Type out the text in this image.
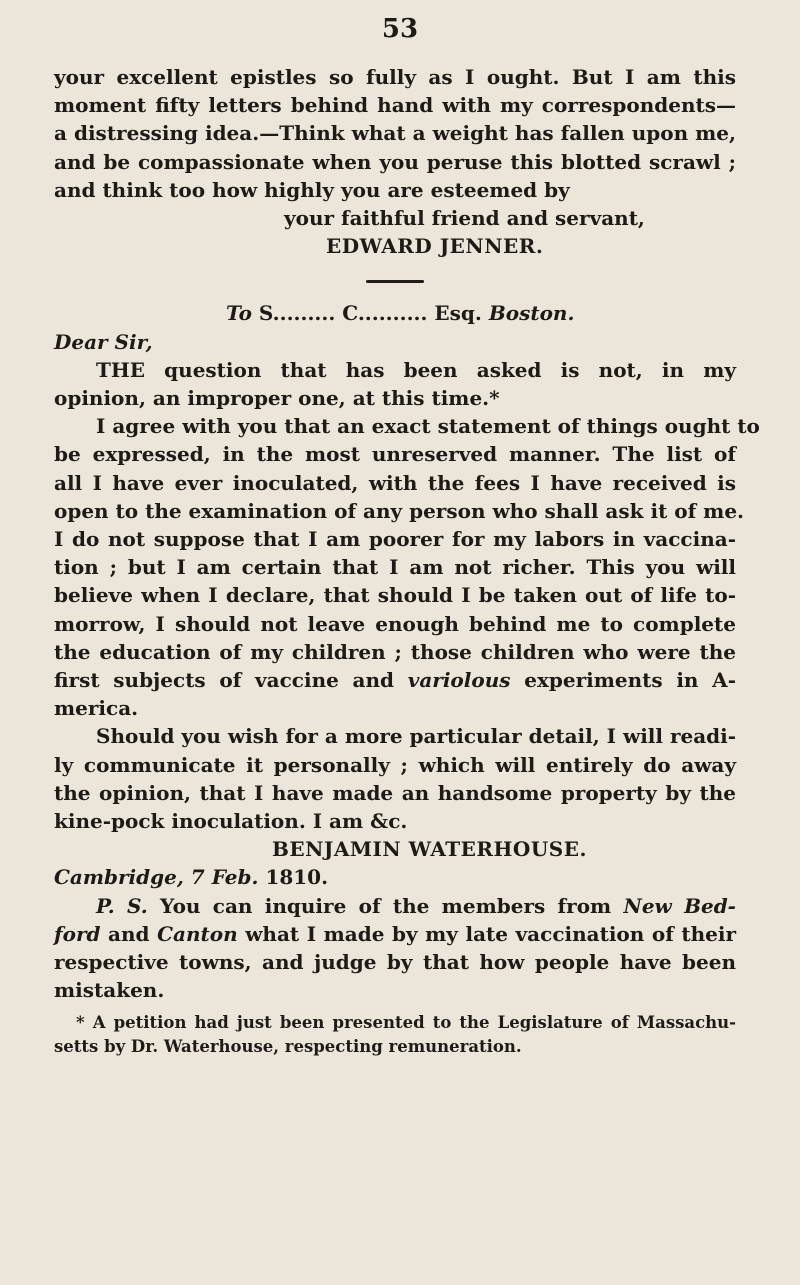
53
your excellent epistles so fully as I ought. But I am this
moment fifty letters behind hand with my correspondents—
a distressing idea.—Think what a weight has fallen upon me,
and be compassionate when you peruse this blotted scrawl ;
and think too how highly you are esteemed by
your faithful friend and servant,
EDWARD JENNER.
To S......... C.......... Esq. Boston.
Dear Sir,
THE question that has been asked is not, in my
opinion, an improper one, at this time.*
I agree with you that an exact statement of things ought to
be expressed, in the most unreserved manner. The list of
all I have ever inoculated, with the fees I have received is
open to the examination of any person who shall ask it of me.
I do not suppose that I am poorer for my labors in vaccina-
tion ; but I am certain that I am not richer. This you will
believe when I declare, that should I be taken out of life to-
morrow, I should not leave enough behind me to complete
the education of my children ; those children who were the
first subjects of vaccine and variolous experiments in A-
merica.
Should you wish for a more particular detail, I will readi-
ly communicate it personally ; which will entirely do away
the opinion, that I have made an handsome property by the
kine-pock inoculation. I am &c.
BENJAMIN WATERHOUSE.
Cambridge, 7 Feb. 1810.
P. S. You can inquire of the members from New Bed-
ford and Canton what I made by my late vaccination of their
respective towns, and judge by that how people have been
mistaken.
* A petition had just been presented to the Legislature of Massachu-
setts by Dr. Waterhouse, respecting remuneration.
